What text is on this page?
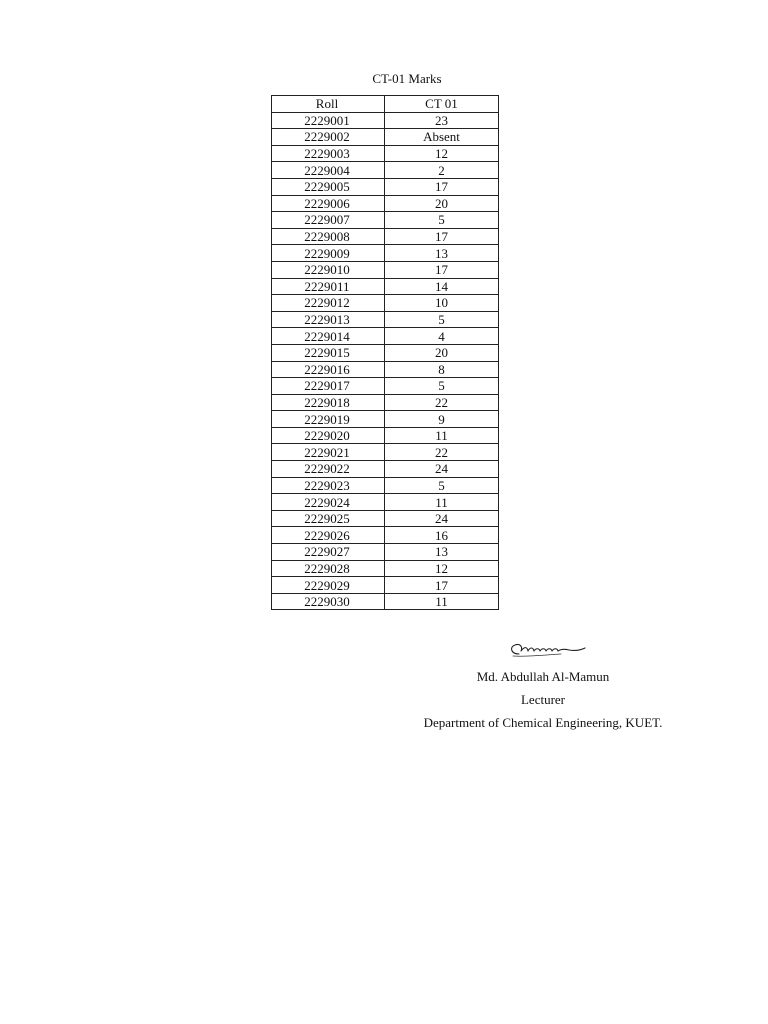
CT-01 Marks
Roll	CT 01
2229001	23
2229002	Absent
2229003	12
2229004	2
2229005	17
2229006	20
2229007	5
2229008	17
2229009	13
2229010	17
2229011	14
2229012	10
2229013	5
2229014	4
2229015	20
2229016	8
2229017	5
2229018	22
2229019	9
2229020	11
2229021	22
2229022	24
2229023	5
2229024	11
2229025	24
2229026	16
2229027	13
2229028	12
2229029	17
2229030	11
Md. Abdullah Al-Mamun
Lecturer
Department of Chemical Engineering, KUET.
